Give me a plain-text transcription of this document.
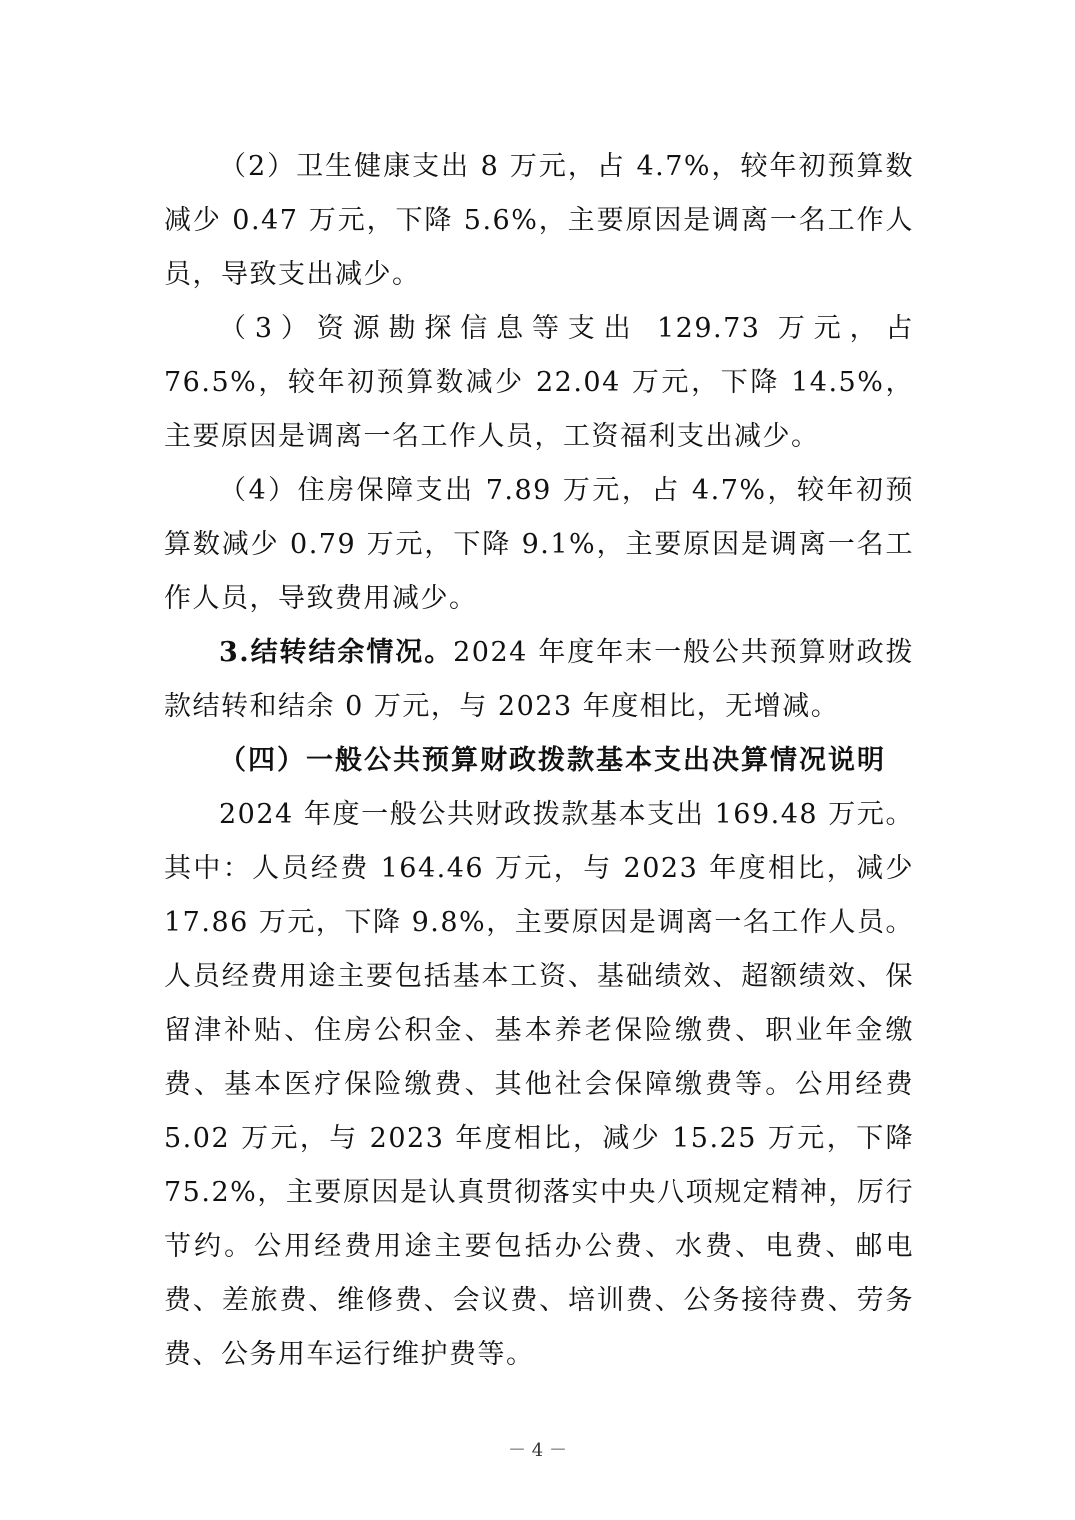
（2）卫生健康支出 8 万元，占 4.7%，较年初预算数减少 0.47 万元，下降 5.6%，主要原因是调离一名工作人员，导致支出减少。

（3）资源勘探信息等支出 129.73 万元，占 76.5%，较年初预算数减少 22.04 万元，下降 14.5%，主要原因是调离一名工作人员，工资福利支出减少。

（4）住房保障支出 7.89 万元，占 4.7%，较年初预算数减少 0.79 万元，下降 9.1%，主要原因是调离一名工作人员，导致费用减少。

3.结转结余情况。2024 年度年末一般公共预算财政拨款结转和结余 0 万元，与 2023 年度相比，无增减。

（四）一般公共预算财政拨款基本支出决算情况说明

2024 年度一般公共财政拨款基本支出 169.48 万元。其中：人员经费 164.46 万元，与 2023 年度相比，减少 17.86 万元，下降 9.8%，主要原因是调离一名工作人员。人员经费用途主要包括基本工资、基础绩效、超额绩效、保留津补贴、住房公积金、基本养老保险缴费、职业年金缴费、基本医疗保险缴费、其他社会保障缴费等。公用经费 5.02 万元，与 2023 年度相比，减少 15.25 万元，下降 75.2%，主要原因是认真贯彻落实中央八项规定精神，厉行节约。公用经费用途主要包括办公费、水费、电费、邮电费、差旅费、维修费、会议费、培训费、公务接待费、劳务费、公务用车运行维护费等。

－ 4 －
